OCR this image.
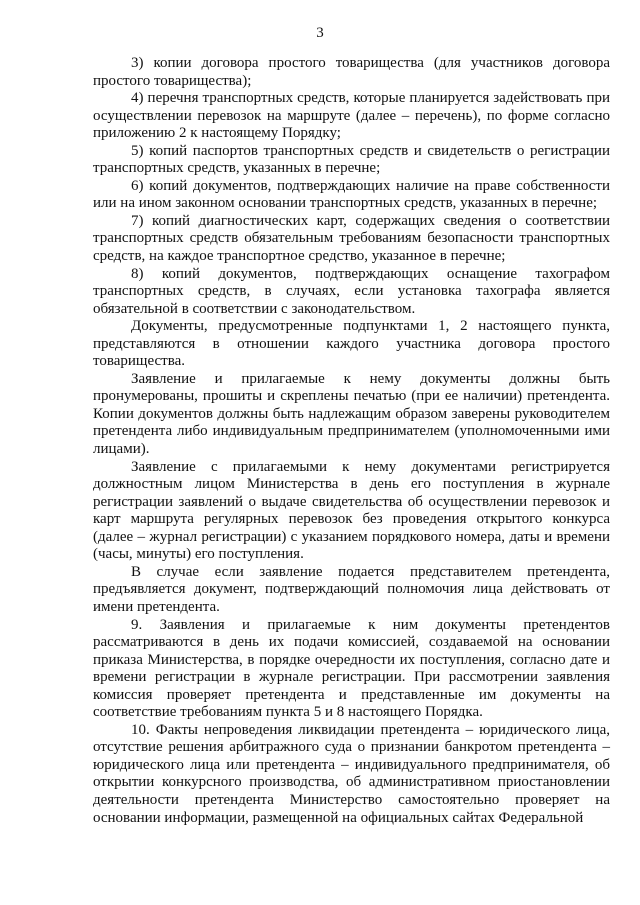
3

3) копии договора простого товарищества (для участников договора простого товарищества);

4) перечня транспортных средств, которые планируется задействовать при осуществлении перевозок на маршруте (далее – перечень), по форме согласно приложению 2 к настоящему Порядку;

5) копий паспортов транспортных средств и свидетельств о регистрации транспортных средств, указанных в перечне;

6) копий документов, подтверждающих наличие на праве собственности или на ином законном основании транспортных средств, указанных в перечне;

7) копий диагностических карт, содержащих сведения о соответствии транспортных средств обязательным требованиям безопасности транспортных средств, на каждое транспортное средство, указанное в перечне;

8) копий документов, подтверждающих оснащение тахографом транспортных средств, в случаях, если установка тахографа является обязательной в соответствии с законодательством.

Документы, предусмотренные подпунктами 1, 2 настоящего пункта, представляются в отношении каждого участника договора простого товарищества.

Заявление и прилагаемые к нему документы должны быть пронумерованы, прошиты и скреплены печатью (при ее наличии) претендента. Копии документов должны быть надлежащим образом заверены руководителем претендента либо индивидуальным предпринимателем (уполномоченными ими лицами).

Заявление с прилагаемыми к нему документами регистрируется должностным лицом Министерства в день его поступления в журнале регистрации заявлений о выдаче свидетельства об осуществлении перевозок и карт маршрута регулярных перевозок без проведения открытого конкурса (далее – журнал регистрации) с указанием порядкового номера, даты и времени (часы, минуты) его поступления.

В случае если заявление подается представителем претендента, предъявляется документ, подтверждающий полномочия лица действовать от имени претендента.

9. Заявления и прилагаемые к ним документы претендентов рассматриваются в день их подачи комиссией, создаваемой на основании приказа Министерства, в порядке очередности их поступления, согласно дате и времени регистрации в журнале регистрации. При рассмотрении заявления комиссия проверяет претендента и представленные им документы на соответствие требованиям пункта 5 и 8 настоящего Порядка.

10. Факты непроведения ликвидации претендента – юридического лица, отсутствие решения арбитражного суда о признании банкротом претендента – юридического лица или претендента – индивидуального предпринимателя, об открытии конкурсного производства, об административном приостановлении деятельности претендента Министерство самостоятельно проверяет на основании информации, размещенной на официальных сайтах Федеральной
